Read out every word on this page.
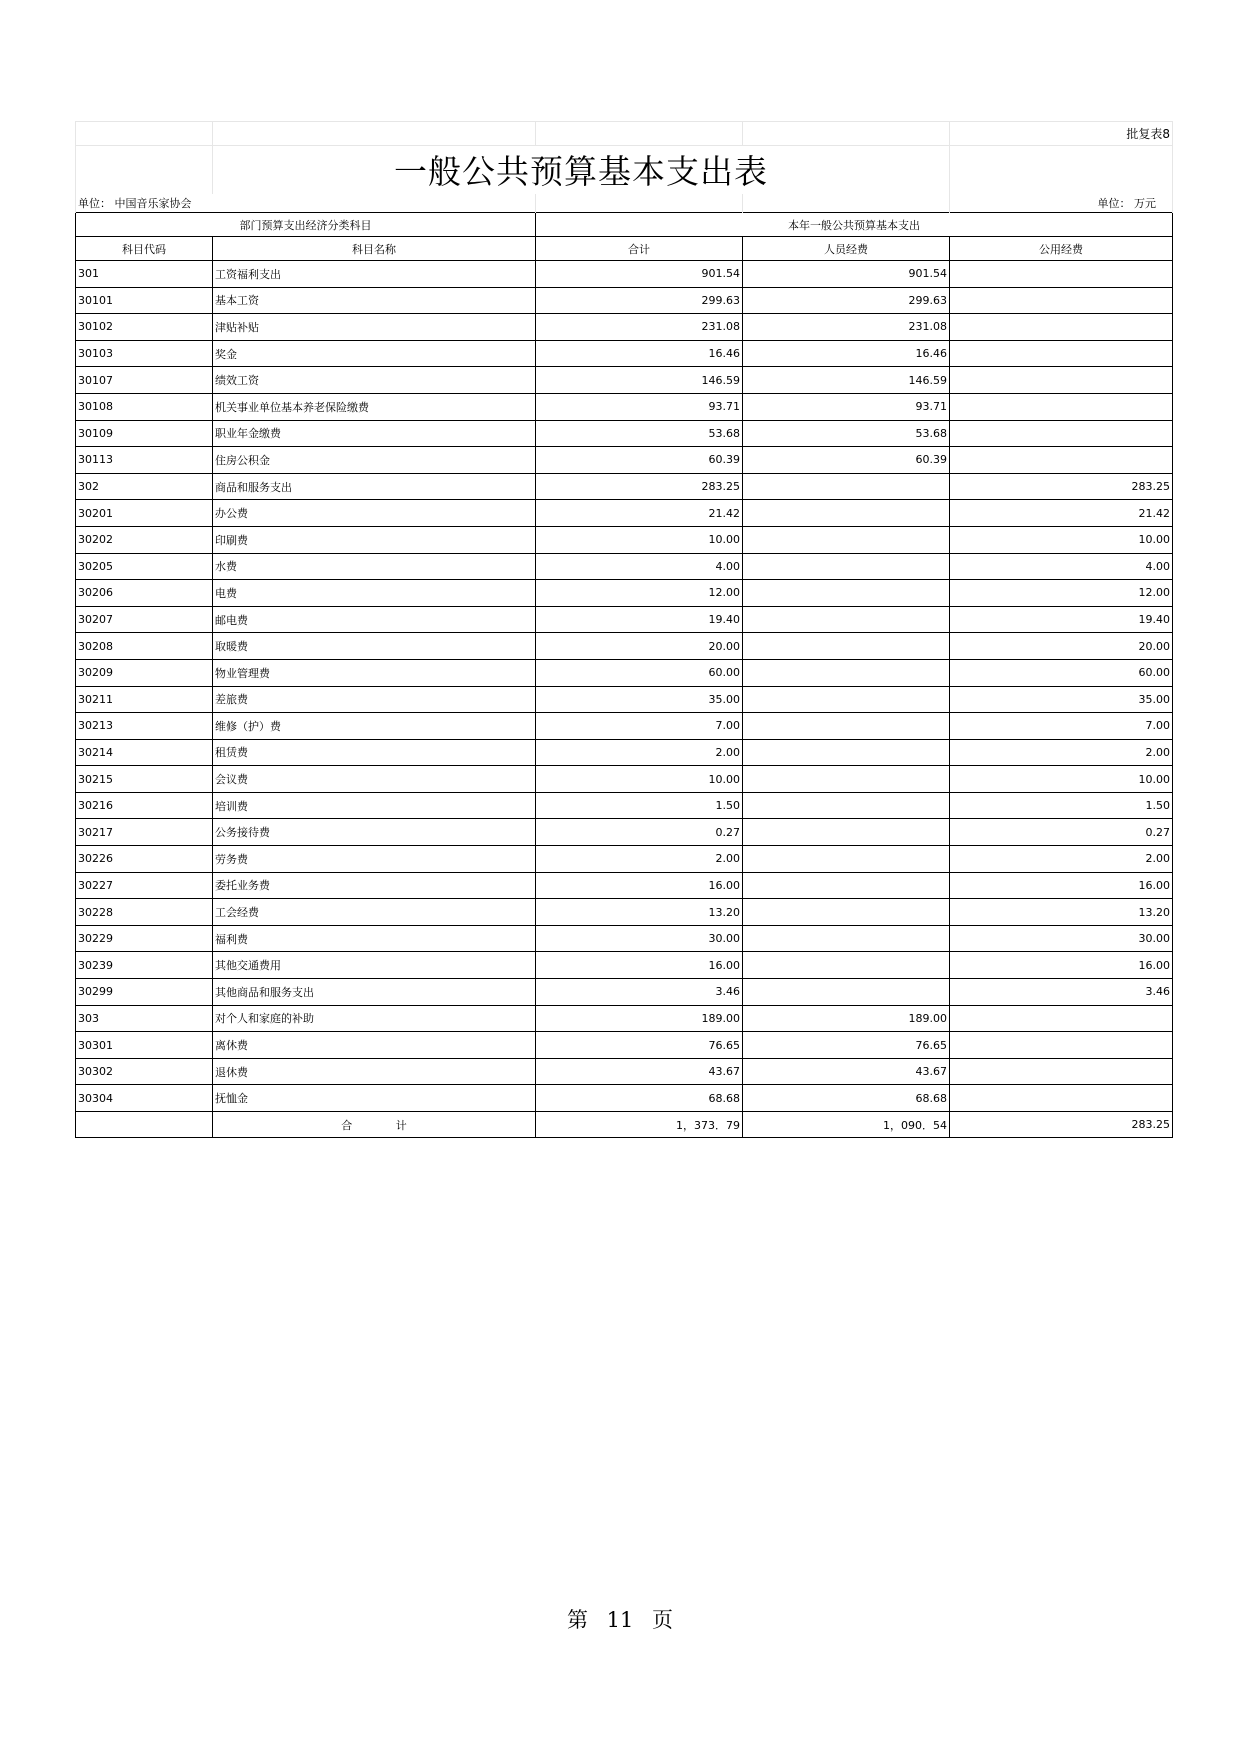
				批复表8
	一般公共预算基本支出表			
单位： 中国音乐家协会				单位： 万元
部门预算支出经济分类科目		本年一般公共预算基本支出		
科目代码	科目名称	合计	人员经费	公用经费
301	工资福利支出	901.54	901.54	
30101	基本工资	299.63	299.63	
30102	津贴补贴	231.08	231.08	
30103	奖金	16.46	16.46	
30107	绩效工资	146.59	146.59	
30108	机关事业单位基本养老保险缴费	93.71	93.71	
30109	职业年金缴费	53.68	53.68	
30113	住房公积金	60.39	60.39	
302	商品和服务支出	283.25		283.25
30201	办公费	21.42		21.42
30202	印刷费	10.00		10.00
30205	水费	4.00		4.00
30206	电费	12.00		12.00
30207	邮电费	19.40		19.40
30208	取暖费	20.00		20.00
30209	物业管理费	60.00		60.00
30211	差旅费	35.00		35.00
30213	维修（护）费	7.00		7.00
30214	租赁费	2.00		2.00
30215	会议费	10.00		10.00
30216	培训费	1.50		1.50
30217	公务接待费	0.27		0.27
30226	劳务费	2.00		2.00
30227	委托业务费	16.00		16.00
30228	工会经费	13.20		13.20
30229	福利费	30.00		30.00
30239	其他交通费用	16.00		16.00
30299	其他商品和服务支出	3.46		3.46
303	对个人和家庭的补助	189.00	189.00	
30301	离休费	76.65	76.65	
30302	退休费	43.67	43.67	
30304	抚恤金	68.68	68.68	
	合 计	1，373．79	1，090．54	283.25
第 11 页
